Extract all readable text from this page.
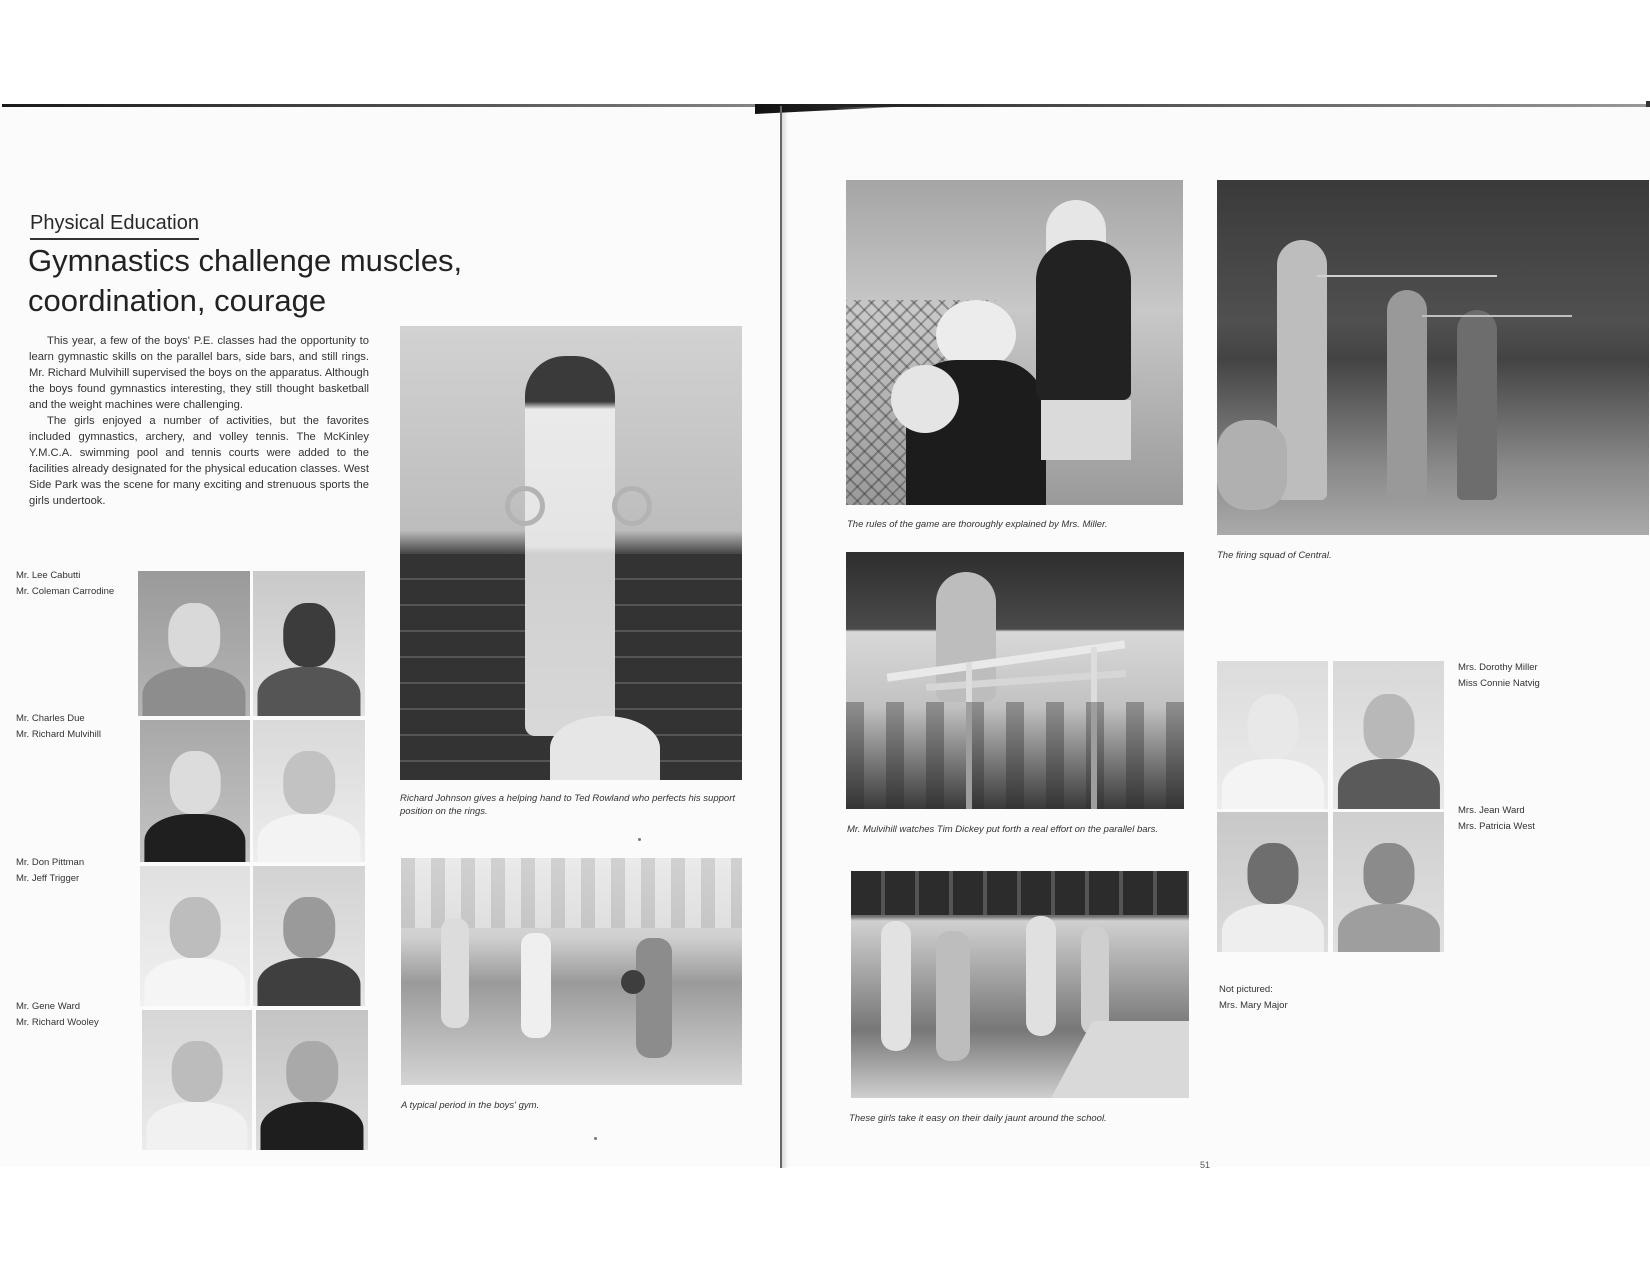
Physical Education
Gymnastics challenge muscles, coordination, courage

This year, a few of the boys' P.E. classes had the opportunity to learn gymnastic skills on the parallel bars, side bars, and still rings. Mr. Richard Mulvihill supervised the boys on the apparatus. Although the boys found gymnastics interesting, they still thought basketball and the weight machines were challenging.

The girls enjoyed a number of activities, but the favorites included gymnastics, archery, and volley tennis. The McKinley Y.M.C.A. swimming pool and tennis courts were added to the facilities already designated for the physical education classes. West Side Park was the scene for many exciting and strenuous sports the girls undertook.

Mr. Lee Cabutti
Mr. Coleman Carrodine
Mr. Charles Due
Mr. Richard Mulvihill
Mr. Don Pittman
Mr. Jeff Trigger
Mr. Gene Ward
Mr. Richard Wooley
Richard Johnson gives a helping hand to Ted Rowland who perfects his support position on the rings.
A typical period in the boys' gym.
The rules of the game are thoroughly explained by Mrs. Miller.
The firing squad of Central.
Mr. Mulvihill watches Tim Dickey put forth a real effort on the parallel bars.
These girls take it easy on their daily jaunt around the school.
Mrs. Dorothy Miller
Miss Connie Natvig
Mrs. Jean Ward
Mrs. Patricia West
Not pictured:
Mrs. Mary Major
51
